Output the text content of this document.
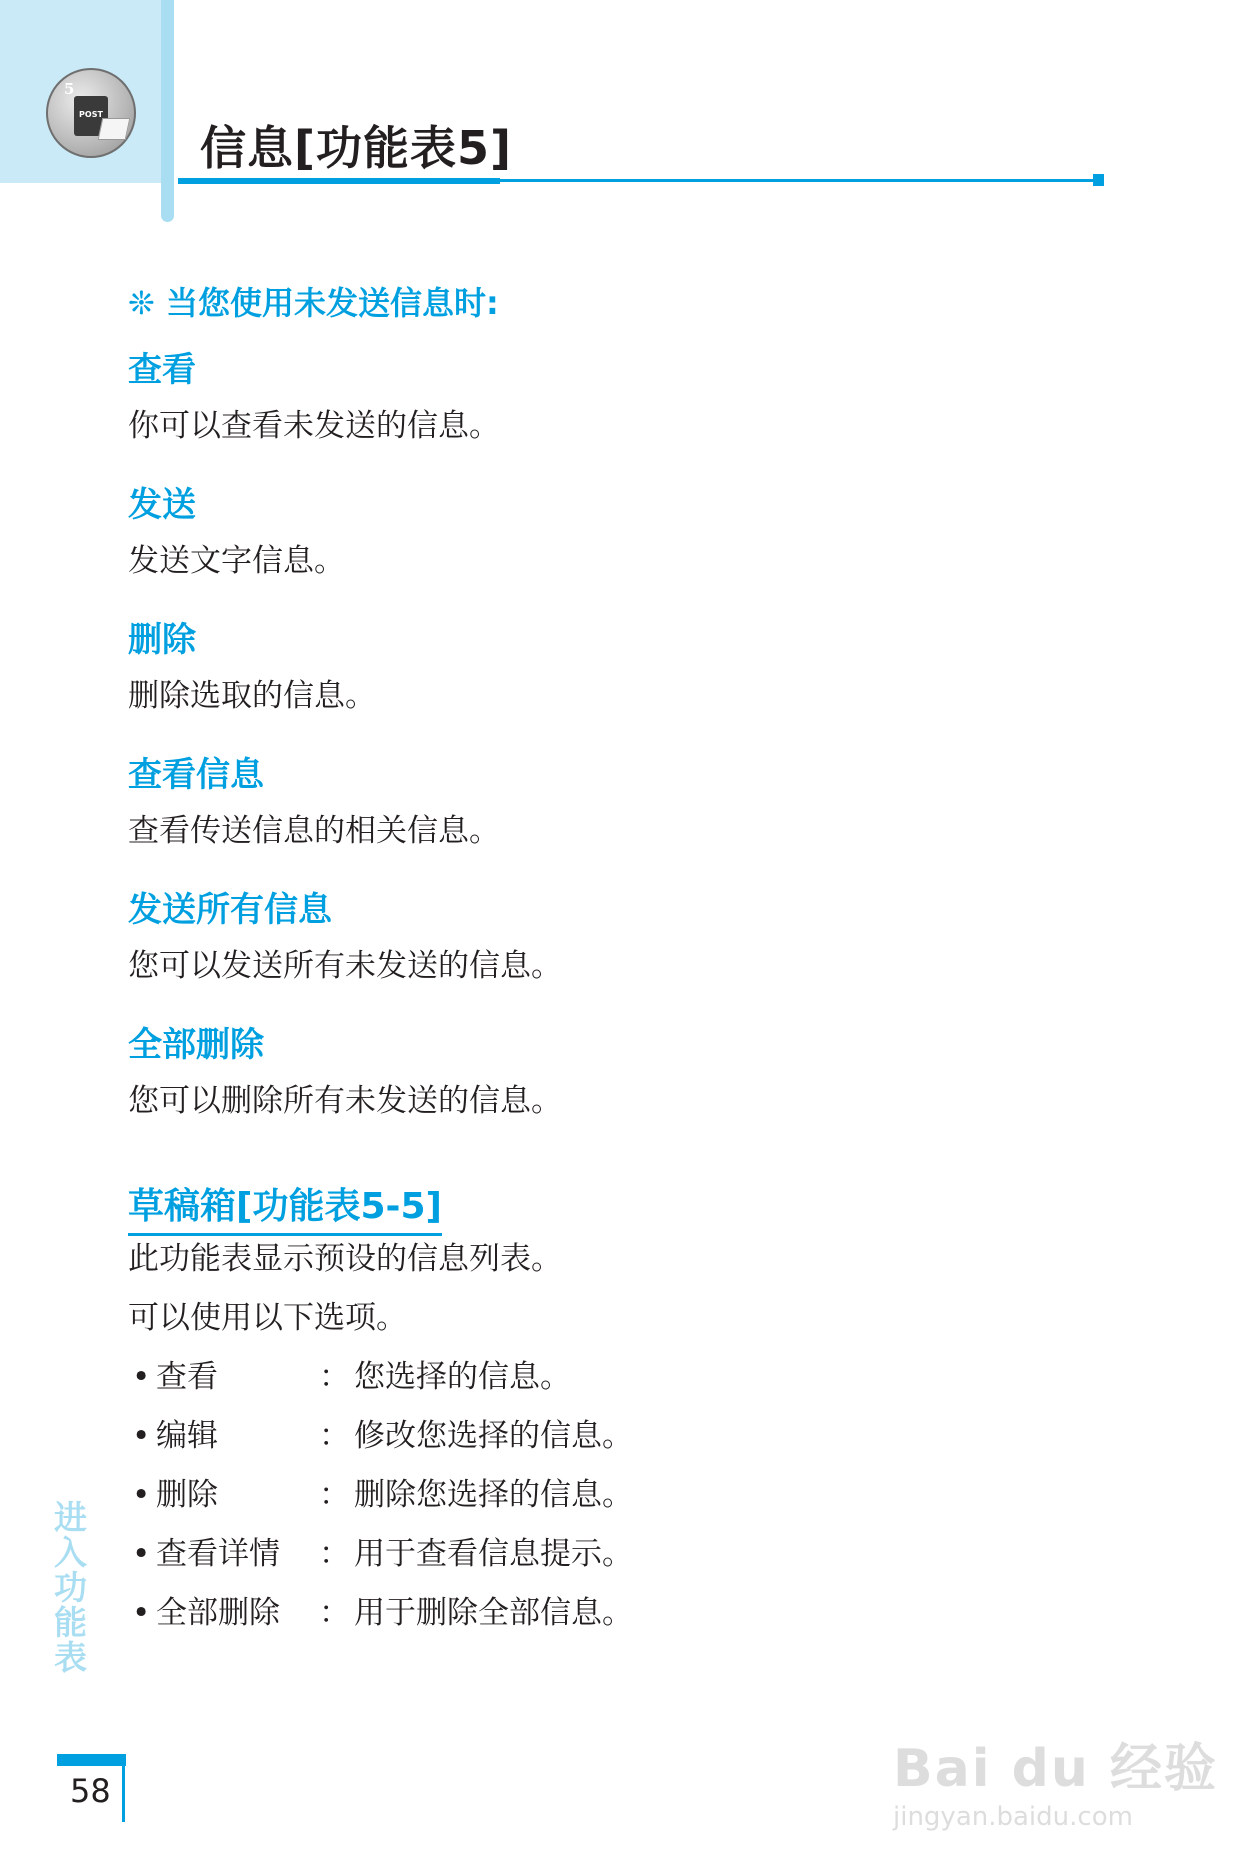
5
POST
信息[功能表5]
❊ 当您使用未发送信息时:
查看
你可以查看未发送的信息。
发送
发送文字信息。
删除
删除选取的信息。
查看信息
查看传送信息的相关信息。
发送所有信息
您可以发送所有未发送的信息。
全部删除
您可以删除所有未发送的信息。
草稿箱[功能表5-5]
此功能表显示预设的信息列表。
可以使用以下选项。
• 查看	： 您选择的信息。
• 编辑	： 修改您选择的信息。
• 删除	： 删除您选择的信息。
• 查看详情 ： 用于查看信息提示。
• 全部删除 ： 用于删除全部信息。
进入功能表
58	Bai du 经验
jingyan.baidu.com
